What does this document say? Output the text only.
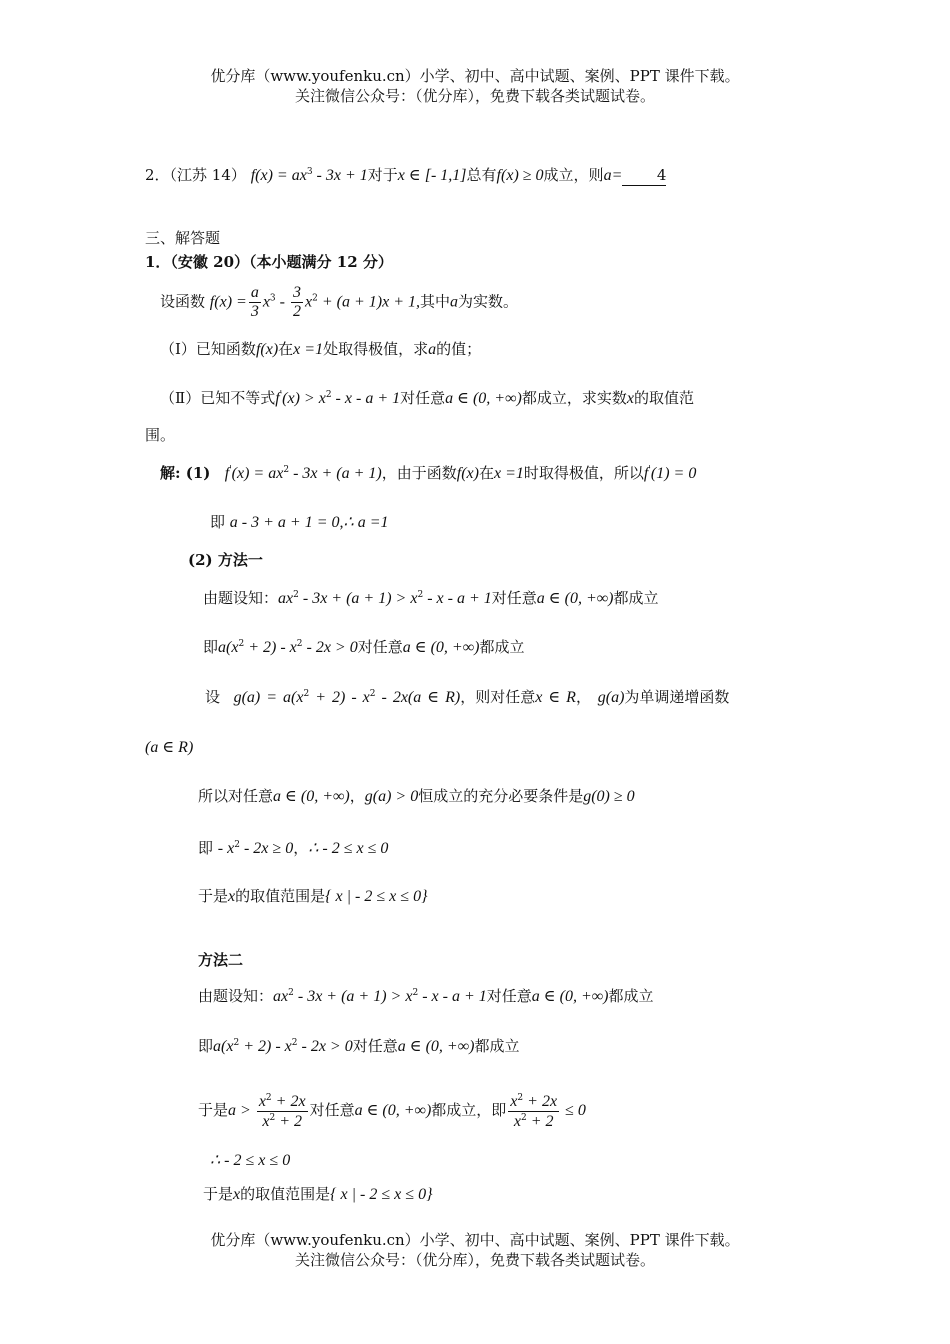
优分库（www.youfenku.cn）小学、初中、高中试题、案例、PPT 课件下载。
关注微信公众号：（优分库），免费下载各类试题试卷。
2．（江苏 14） $f(x) = ax^3 - 3x + 1$对于x ∈ [- 1,1]总有f(x) ≥ 0成立，则a= 4
三、解答题
1．（安徽 20）（本小题满分 12 分）
设函数 $f(x) = \frac{a}{3} x^3 - \frac{3}{2} x^2 + (a + 1)x + 1$,其中a为实数。
（Ⅰ）已知函数f(x)在x =1处取得极值，求a的值；
（Ⅱ）已知不等式$f'(x) > x^2 - x - a + 1$对任意a ∈ (0, +∞)都成立，求实数x的取值范
围。
解: (1) $f'(x) = ax^2 - 3x + (a + 1)$，由于函数f(x)在x =1时取得极值，所以f'(1) = 0
即 a - 3 + a + 1 = 0,∴ a =1
(2) 方法一
由题设知：$ax^2 - 3x + (a + 1) > x^2 - x - a + 1$对任意a ∈ (0, +∞)都成立
即$a(x^2 + 2) - x^2 - 2x > 0$对任意a ∈ (0, +∞)都成立
设 $g(a) = a(x^2 + 2) - x^2 - 2x(a$ ∈ R)，则对任意x ∈ R， g(a)为单调递增函数
(a ∈ R)
所以对任意a ∈ (0, +∞)，g(a) > 0恒成立的充分必要条件是g(0) ≥ 0
即 - $x^2 - 2x \ge 0$，∴ - 2 ≤ x ≤ 0
于是x的取值范围是{ x | - 2 ≤ x ≤ 0}
方法二
由题设知：$ax^2 - 3x + (a + 1) > x^2 - x - a + 1$对任意a ∈ (0, +∞)都成立
即$a(x^2 + 2) - x^2 - 2x > 0$对任意a ∈ (0, +∞)都成立
于是$a > \frac{x^2 + 2x}{x^2 + 2}$ 对任意a ∈ (0, +∞)都成立，即 $\frac{x^2 + 2x}{x^2 + 2} \le 0$
∴ - 2 ≤ x ≤ 0
于是x的取值范围是{ x | - 2 ≤ x ≤ 0}
优分库（www.youfenku.cn）小学、初中、高中试题、案例、PPT 课件下载。
关注微信公众号：（优分库），免费下载各类试题试卷。
